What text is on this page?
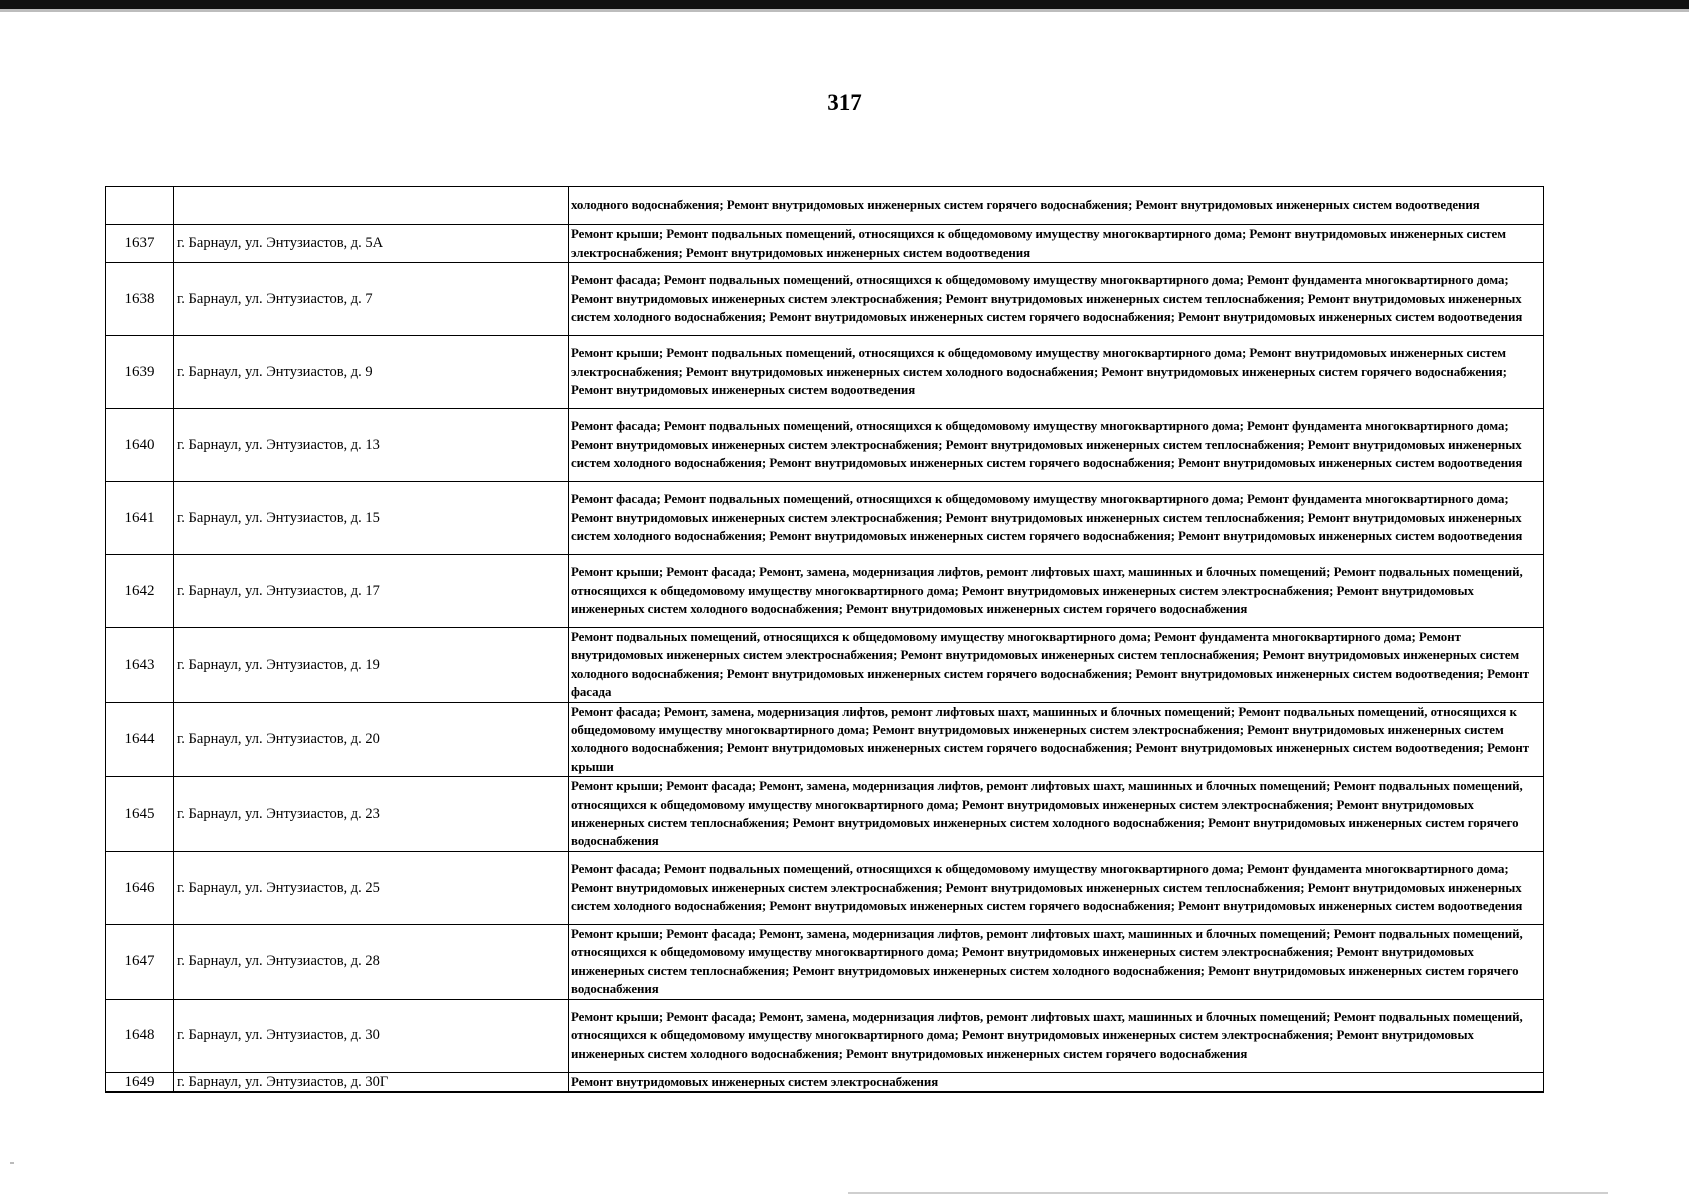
317
		холодного водоснабжения; Ремонт внутридомовых инженерных систем горячего водоснабжения; Ремонт внутридомовых инженерных систем водоотведения
1637	г. Барнаул, ул. Энтузиастов, д. 5А	Ремонт крыши; Ремонт подвальных помещений, относящихся к общедомовому имуществу многоквартирного дома; Ремонт внутридомовых инженерных систем электроснабжения; Ремонт внутридомовых инженерных систем водоотведения
1638	г. Барнаул, ул. Энтузиастов, д. 7	Ремонт фасада; Ремонт подвальных помещений, относящихся к общедомовому имуществу многоквартирного дома; Ремонт фундамента многоквартирного дома; Ремонт внутридомовых инженерных систем электроснабжения; Ремонт внутридомовых инженерных систем теплоснабжения; Ремонт внутридомовых инженерных систем холодного водоснабжения; Ремонт внутридомовых инженерных систем горячего водоснабжения; Ремонт внутридомовых инженерных систем водоотведения
1639	г. Барнаул, ул. Энтузиастов, д. 9	Ремонт крыши; Ремонт подвальных помещений, относящихся к общедомовому имуществу многоквартирного дома; Ремонт внутридомовых инженерных систем электроснабжения; Ремонт внутридомовых инженерных систем холодного водоснабжения; Ремонт внутридомовых инженерных систем горячего водоснабжения; Ремонт внутридомовых инженерных систем водоотведения
1640	г. Барнаул, ул. Энтузиастов, д. 13	Ремонт фасада; Ремонт подвальных помещений, относящихся к общедомовому имуществу многоквартирного дома; Ремонт фундамента многоквартирного дома; Ремонт внутридомовых инженерных систем электроснабжения; Ремонт внутридомовых инженерных систем теплоснабжения; Ремонт внутридомовых инженерных систем холодного водоснабжения; Ремонт внутридомовых инженерных систем горячего водоснабжения; Ремонт внутридомовых инженерных систем водоотведения
1641	г. Барнаул, ул. Энтузиастов, д. 15	Ремонт фасада; Ремонт подвальных помещений, относящихся к общедомовому имуществу многоквартирного дома; Ремонт фундамента многоквартирного дома; Ремонт внутридомовых инженерных систем электроснабжения; Ремонт внутридомовых инженерных систем теплоснабжения; Ремонт внутридомовых инженерных систем холодного водоснабжения; Ремонт внутридомовых инженерных систем горячего водоснабжения; Ремонт внутридомовых инженерных систем водоотведения
1642	г. Барнаул, ул. Энтузиастов, д. 17	Ремонт крыши; Ремонт фасада; Ремонт, замена, модернизация лифтов, ремонт лифтовых шахт, машинных и блочных помещений; Ремонт подвальных помещений, относящихся к общедомовому имуществу многоквартирного дома; Ремонт внутридомовых инженерных систем электроснабжения; Ремонт внутридомовых инженерных систем холодного водоснабжения; Ремонт внутридомовых инженерных систем горячего водоснабжения
1643	г. Барнаул, ул. Энтузиастов, д. 19	Ремонт подвальных помещений, относящихся к общедомовому имуществу многоквартирного дома; Ремонт фундамента многоквартирного дома; Ремонт внутридомовых инженерных систем электроснабжения; Ремонт внутридомовых инженерных систем теплоснабжения; Ремонт внутридомовых инженерных систем холодного водоснабжения; Ремонт внутридомовых инженерных систем горячего водоснабжения; Ремонт внутридомовых инженерных систем водоотведения; Ремонт фасада
1644	г. Барнаул, ул. Энтузиастов, д. 20	Ремонт фасада; Ремонт, замена, модернизация лифтов, ремонт лифтовых шахт, машинных и блочных помещений; Ремонт подвальных помещений, относящихся к общедомовому имуществу многоквартирного дома; Ремонт внутридомовых инженерных систем электроснабжения; Ремонт внутридомовых инженерных систем холодного водоснабжения; Ремонт внутридомовых инженерных систем горячего водоснабжения; Ремонт внутридомовых инженерных систем водоотведения; Ремонт крыши
1645	г. Барнаул, ул. Энтузиастов, д. 23	Ремонт крыши; Ремонт фасада; Ремонт, замена, модернизация лифтов, ремонт лифтовых шахт, машинных и блочных помещений; Ремонт подвальных помещений, относящихся к общедомовому имуществу многоквартирного дома; Ремонт внутридомовых инженерных систем электроснабжения; Ремонт внутридомовых инженерных систем теплоснабжения; Ремонт внутридомовых инженерных систем холодного водоснабжения; Ремонт внутридомовых инженерных систем горячего водоснабжения
1646	г. Барнаул, ул. Энтузиастов, д. 25	Ремонт фасада; Ремонт подвальных помещений, относящихся к общедомовому имуществу многоквартирного дома; Ремонт фундамента многоквартирного дома; Ремонт внутридомовых инженерных систем электроснабжения; Ремонт внутридомовых инженерных систем теплоснабжения; Ремонт внутридомовых инженерных систем холодного водоснабжения; Ремонт внутридомовых инженерных систем горячего водоснабжения; Ремонт внутридомовых инженерных систем водоотведения
1647	г. Барнаул, ул. Энтузиастов, д. 28	Ремонт крыши; Ремонт фасада; Ремонт, замена, модернизация лифтов, ремонт лифтовых шахт, машинных и блочных помещений; Ремонт подвальных помещений, относящихся к общедомовому имуществу многоквартирного дома; Ремонт внутридомовых инженерных систем электроснабжения; Ремонт внутридомовых инженерных систем теплоснабжения; Ремонт внутридомовых инженерных систем холодного водоснабжения; Ремонт внутридомовых инженерных систем горячего водоснабжения
1648	г. Барнаул, ул. Энтузиастов, д. 30	Ремонт крыши; Ремонт фасада; Ремонт, замена, модернизация лифтов, ремонт лифтовых шахт, машинных и блочных помещений; Ремонт подвальных помещений, относящихся к общедомовому имуществу многоквартирного дома; Ремонт внутридомовых инженерных систем электроснабжения; Ремонт внутридомовых инженерных систем холодного водоснабжения; Ремонт внутридомовых инженерных систем горячего водоснабжения
1649	г. Барнаул, ул. Энтузиастов, д. 30Г	Ремонт внутридомовых инженерных систем электроснабжения
